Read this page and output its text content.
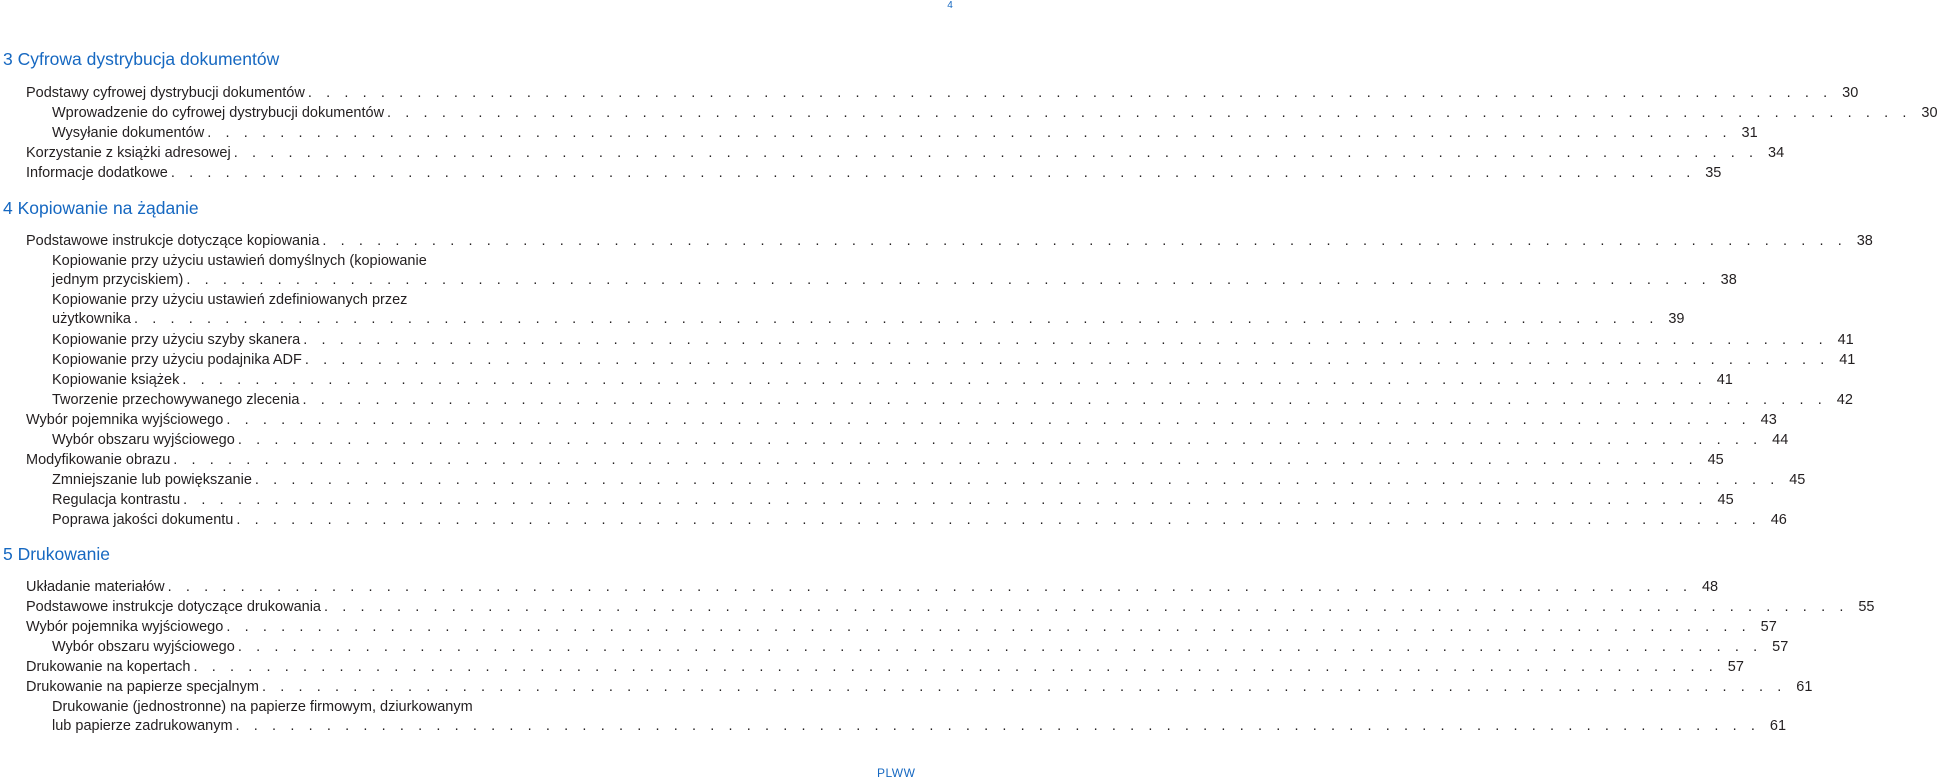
4
3 Cyfrowa dystrybucja dokumentów
Podstawy cyfrowej dystrybucji dokumentów . . . . . . . . . . . . . . . . . . . . . . . . . . . . . . . . . . . . . . . . . . . . . . . . . . . . . . . . . . . . . . . . . . . . . . . . . . . . . . . . . . . . 30
Wprowadzenie do cyfrowej dystrybucji dokumentów . . . . . . . . . . . . . . . . . . . . . . . . . . . . . . . . . . . . . . . . . . . . . . . . . . . . . . . . . . . . . . . . . . . . . . . . . . . . . . . . . . . . 30
Wysyłanie dokumentów . . . . . . . . . . . . . . . . . . . . . . . . . . . . . . . . . . . . . . . . . . . . . . . . . . . . . . . . . . . . . . . . . . . . . . . . . . . . . . . . . . . . 31
Korzystanie z książki adresowej . . . . . . . . . . . . . . . . . . . . . . . . . . . . . . . . . . . . . . . . . . . . . . . . . . . . . . . . . . . . . . . . . . . . . . . . . . . . . . . . . . . . 34
Informacje dodatkowe . . . . . . . . . . . . . . . . . . . . . . . . . . . . . . . . . . . . . . . . . . . . . . . . . . . . . . . . . . . . . . . . . . . . . . . . . . . . . . . . . . . . 35
4 Kopiowanie na żądanie
Podstawowe instrukcje dotyczące kopiowania . . . . . . . . . . . . . . . . . . . . . . . . . . . . . . . . . . . . . . . . . . . . . . . . . . . . . . . . . . . . . . . . . . . . . . . . . . . . . . . . . . . . 38
Kopiowanie przy użyciu ustawień domyślnych (kopiowanie
jednym przyciskiem) . . . . . . . . . . . . . . . . . . . . . . . . . . . . . . . . . . . . . . . . . . . . . . . . . . . . . . . . . . . . . . . . . . . . . . . . . . . . . . . . . . . . 38
Kopiowanie przy użyciu ustawień zdefiniowanych przez
użytkownika . . . . . . . . . . . . . . . . . . . . . . . . . . . . . . . . . . . . . . . . . . . . . . . . . . . . . . . . . . . . . . . . . . . . . . . . . . . . . . . . . . . . 39
Kopiowanie przy użyciu szyby skanera . . . . . . . . . . . . . . . . . . . . . . . . . . . . . . . . . . . . . . . . . . . . . . . . . . . . . . . . . . . . . . . . . . . . . . . . . . . . . . . . . . . . 41
Kopiowanie przy użyciu podajnika ADF . . . . . . . . . . . . . . . . . . . . . . . . . . . . . . . . . . . . . . . . . . . . . . . . . . . . . . . . . . . . . . . . . . . . . . . . . . . . . . . . . . . . 41
Kopiowanie książek . . . . . . . . . . . . . . . . . . . . . . . . . . . . . . . . . . . . . . . . . . . . . . . . . . . . . . . . . . . . . . . . . . . . . . . . . . . . . . . . . . . . 41
Tworzenie przechowywanego zlecenia . . . . . . . . . . . . . . . . . . . . . . . . . . . . . . . . . . . . . . . . . . . . . . . . . . . . . . . . . . . . . . . . . . . . . . . . . . . . . . . . . . . . 42
Wybór pojemnika wyjściowego . . . . . . . . . . . . . . . . . . . . . . . . . . . . . . . . . . . . . . . . . . . . . . . . . . . . . . . . . . . . . . . . . . . . . . . . . . . . . . . . . . . . 43
Wybór obszaru wyjściowego . . . . . . . . . . . . . . . . . . . . . . . . . . . . . . . . . . . . . . . . . . . . . . . . . . . . . . . . . . . . . . . . . . . . . . . . . . . . . . . . . . . . 44
Modyfikowanie obrazu . . . . . . . . . . . . . . . . . . . . . . . . . . . . . . . . . . . . . . . . . . . . . . . . . . . . . . . . . . . . . . . . . . . . . . . . . . . . . . . . . . . . 45
Zmniejszanie lub powiększanie . . . . . . . . . . . . . . . . . . . . . . . . . . . . . . . . . . . . . . . . . . . . . . . . . . . . . . . . . . . . . . . . . . . . . . . . . . . . . . . . . . . . 45
Regulacja kontrastu . . . . . . . . . . . . . . . . . . . . . . . . . . . . . . . . . . . . . . . . . . . . . . . . . . . . . . . . . . . . . . . . . . . . . . . . . . . . . . . . . . . . 45
Poprawa jakości dokumentu . . . . . . . . . . . . . . . . . . . . . . . . . . . . . . . . . . . . . . . . . . . . . . . . . . . . . . . . . . . . . . . . . . . . . . . . . . . . . . . . . . . . 46
5 Drukowanie
Układanie materiałów . . . . . . . . . . . . . . . . . . . . . . . . . . . . . . . . . . . . . . . . . . . . . . . . . . . . . . . . . . . . . . . . . . . . . . . . . . . . . . . . . . . . 48
Podstawowe instrukcje dotyczące drukowania . . . . . . . . . . . . . . . . . . . . . . . . . . . . . . . . . . . . . . . . . . . . . . . . . . . . . . . . . . . . . . . . . . . . . . . . . . . . . . . . . . . . 55
Wybór pojemnika wyjściowego . . . . . . . . . . . . . . . . . . . . . . . . . . . . . . . . . . . . . . . . . . . . . . . . . . . . . . . . . . . . . . . . . . . . . . . . . . . . . . . . . . . . 57
Wybór obszaru wyjściowego . . . . . . . . . . . . . . . . . . . . . . . . . . . . . . . . . . . . . . . . . . . . . . . . . . . . . . . . . . . . . . . . . . . . . . . . . . . . . . . . . . . . 57
Drukowanie na kopertach . . . . . . . . . . . . . . . . . . . . . . . . . . . . . . . . . . . . . . . . . . . . . . . . . . . . . . . . . . . . . . . . . . . . . . . . . . . . . . . . . . . . 57
Drukowanie na papierze specjalnym . . . . . . . . . . . . . . . . . . . . . . . . . . . . . . . . . . . . . . . . . . . . . . . . . . . . . . . . . . . . . . . . . . . . . . . . . . . . . . . . . . . . 61
Drukowanie (jednostronne) na papierze firmowym, dziurkowanym
lub papierze zadrukowanym . . . . . . . . . . . . . . . . . . . . . . . . . . . . . . . . . . . . . . . . . . . . . . . . . . . . . . . . . . . . . . . . . . . . . . . . . . . . . . . . . . . . 61
PLWW
